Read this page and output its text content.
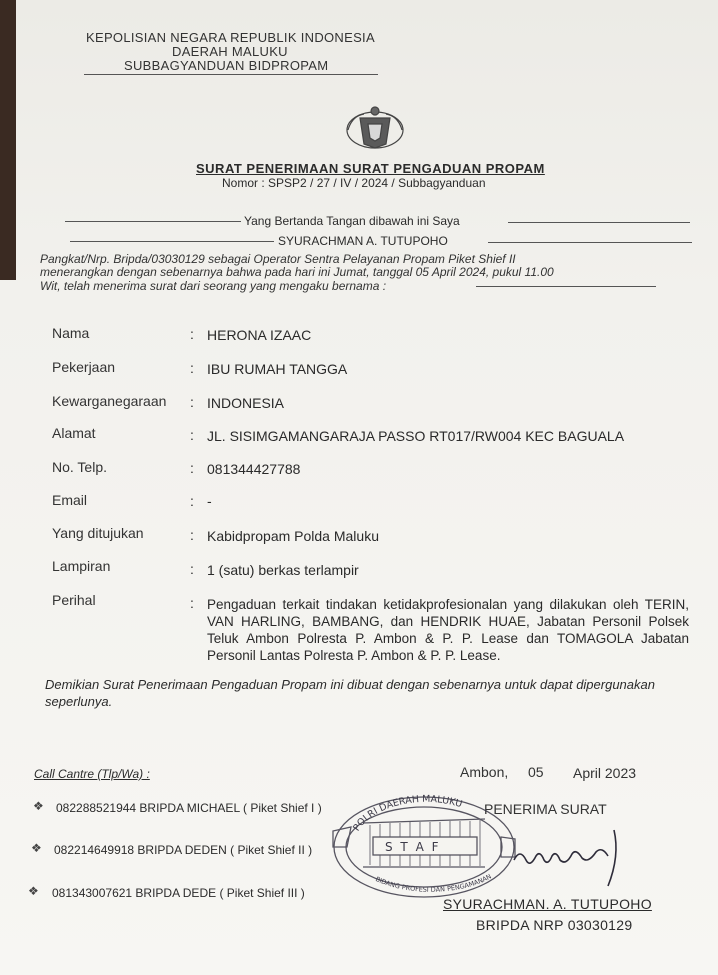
KEPOLISIAN NEGARA REPUBLIK INDONESIA
DAERAH MALUKU
SUBBAGYANDUAN BIDPROPAM
SURAT PENERIMAAN SURAT PENGADUAN PROPAM
Nomor : SPSP2 / 27 / IV / 2024 / Subbagyanduan
Yang Bertanda Tangan dibawah ini Saya
SYURACHMAN A. TUTUPOHO
Pangkat/Nrp. Bripda/03030129 sebagai Operator Sentra Pelayanan Propam Piket Shief II
menerangkan dengan sebenarnya bahwa pada hari ini Jumat, tanggal 05 April 2024, pukul 11.00
Wit, telah menerima surat dari seorang yang mengaku bernama :
Nama	: HERONA IZAAC
Pekerjaan	: IBU RUMAH TANGGA
Kewarganegaraan : INDONESIA
Alamat	: JL. SISIMGAMANGARAJA PASSO RT017/RW004 KEC BAGUALA
No. Telp.	: 081344427788
Email	: -
Yang ditujukan	: Kabidpropam Polda Maluku
Lampiran	: 1 (satu) berkas terlampir
Perihal	: Pengaduan terkait tindakan ketidakprofesionalan yang dilakukan oleh TERIN, VAN HARLING, BAMBANG, dan HENDRIK HUAE, Jabatan Personil Polsek Teluk Ambon Polresta P. Ambon & P. P. Lease dan TOMAGOLA Jabatan Personil Lantas Polresta P. Ambon & P. P. Lease.
Demikian Surat Penerimaan Pengaduan Propam ini dibuat dengan sebenarnya untuk dapat dipergunakan seperlunya.
Call Cantre (Tlp/Wa) :
❖ 082288521944 BRIPDA MICHAEL ( Piket Shief I )
❖ 082214649918 BRIPDA DEDEN ( Piket Shief II )
❖ 081343007621 BRIPDA DEDE ( Piket Shief III )
Ambon, 05 April 2023
PENERIMA SURAT
POLRI DAERAH MALUKU
S T A F
BIDANG PROFESI DAN PENGAMANAN
SYURACHMAN. A. TUTUPOHO
BRIPDA NRP 03030129
